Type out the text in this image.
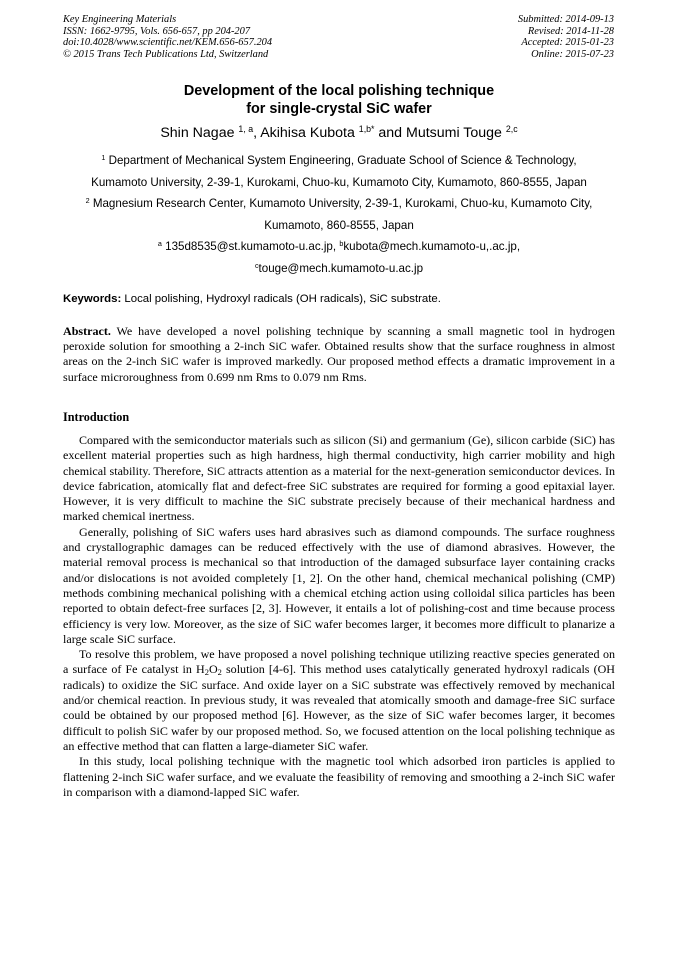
Key Engineering Materials
ISSN: 1662-9795, Vols. 656-657, pp 204-207
doi:10.4028/www.scientific.net/KEM.656-657.204
© 2015 Trans Tech Publications Ltd, Switzerland
Submitted: 2014-09-13
Revised: 2014-11-28
Accepted: 2015-01-23
Online: 2015-07-23
Development of the local polishing technique
for single-crystal SiC wafer
Shin Nagae $^{1, a}$, Akihisa Kubota $^{1,b*}$ and Mutsumi Touge $^{2,c}$
$^1$ Department of Mechanical System Engineering, Graduate School of Science & Technology,
Kumamoto University, 2-39-1, Kurokami, Chuo-ku, Kumamoto City, Kumamoto, 860-8555, Japan
$^2$ Magnesium Research Center, Kumamoto University, 2-39-1, Kurokami, Chuo-ku, Kumamoto City,
Kumamoto, 860-8555, Japan
$^a$ 135d8535@st.kumamoto-u.ac.jp, $^b$kubota@mech.kumamoto-u,.ac.jp,
$^c$touge@mech.kumamoto-u.ac.jp
Keywords: Local polishing, Hydroxyl radicals (OH radicals), SiC substrate.
Abstract. We have developed a novel polishing technique by scanning a small magnetic tool in hydrogen peroxide solution for smoothing a 2-inch SiC wafer. Obtained results show that the surface roughness in almost areas on the 2-inch SiC wafer is improved markedly. Our proposed method effects a dramatic improvement in a surface microroughness from 0.699 nm Rms to 0.079 nm Rms.
Introduction

Compared with the semiconductor materials such as silicon (Si) and germanium (Ge), silicon carbide (SiC) has excellent material properties such as high hardness, high thermal conductivity, high carrier mobility and high chemical stability. Therefore, SiC attracts attention as a material for the next-generation semiconductor devices. In device fabrication, atomically flat and defect-free SiC substrates are required for forming a good epitaxial layer. However, it is very difficult to machine the SiC substrate precisely because of their mechanical hardness and marked chemical inertness.

Generally, polishing of SiC wafers uses hard abrasives such as diamond compounds. The surface roughness and crystallographic damages can be reduced effectively with the use of diamond abrasives. However, the material removal process is mechanical so that introduction of the damaged subsurface layer containing cracks and/or dislocations is not avoided completely [1, 2]. On the other hand, chemical mechanical polishing (CMP) methods combining mechanical polishing with a chemical etching action using colloidal silica particles has been reported to obtain defect-free surfaces [2, 3]. However, it entails a lot of polishing-cost and time because process efficiency is very low. Moreover, as the size of SiC wafer becomes larger, it becomes more difficult to planarize a large scale SiC surface.

To resolve this problem, we have proposed a novel polishing technique utilizing reactive species generated on a surface of Fe catalyst in $H_2O_2$ solution [4-6]. This method uses catalytically generated hydroxyl radicals (OH radicals) to oxidize the SiC surface. And oxide layer on a SiC substrate was effectively removed by mechanical and/or chemical reaction. In previous study, it was revealed that atomically smooth and damage-free SiC surface could be obtained by our proposed method [6]. However, as the size of SiC wafer becomes larger, it becomes difficult to polish SiC wafer by our proposed method. So, we focused attention on the local polishing technique as an effective method that can flatten a large-diameter SiC wafer.

In this study, local polishing technique with the magnetic tool which adsorbed iron particles is applied to flattening 2-inch SiC wafer surface, and we evaluate the feasibility of removing and smoothing a 2-inch SiC wafer in comparison with a diamond-lapped SiC wafer.
